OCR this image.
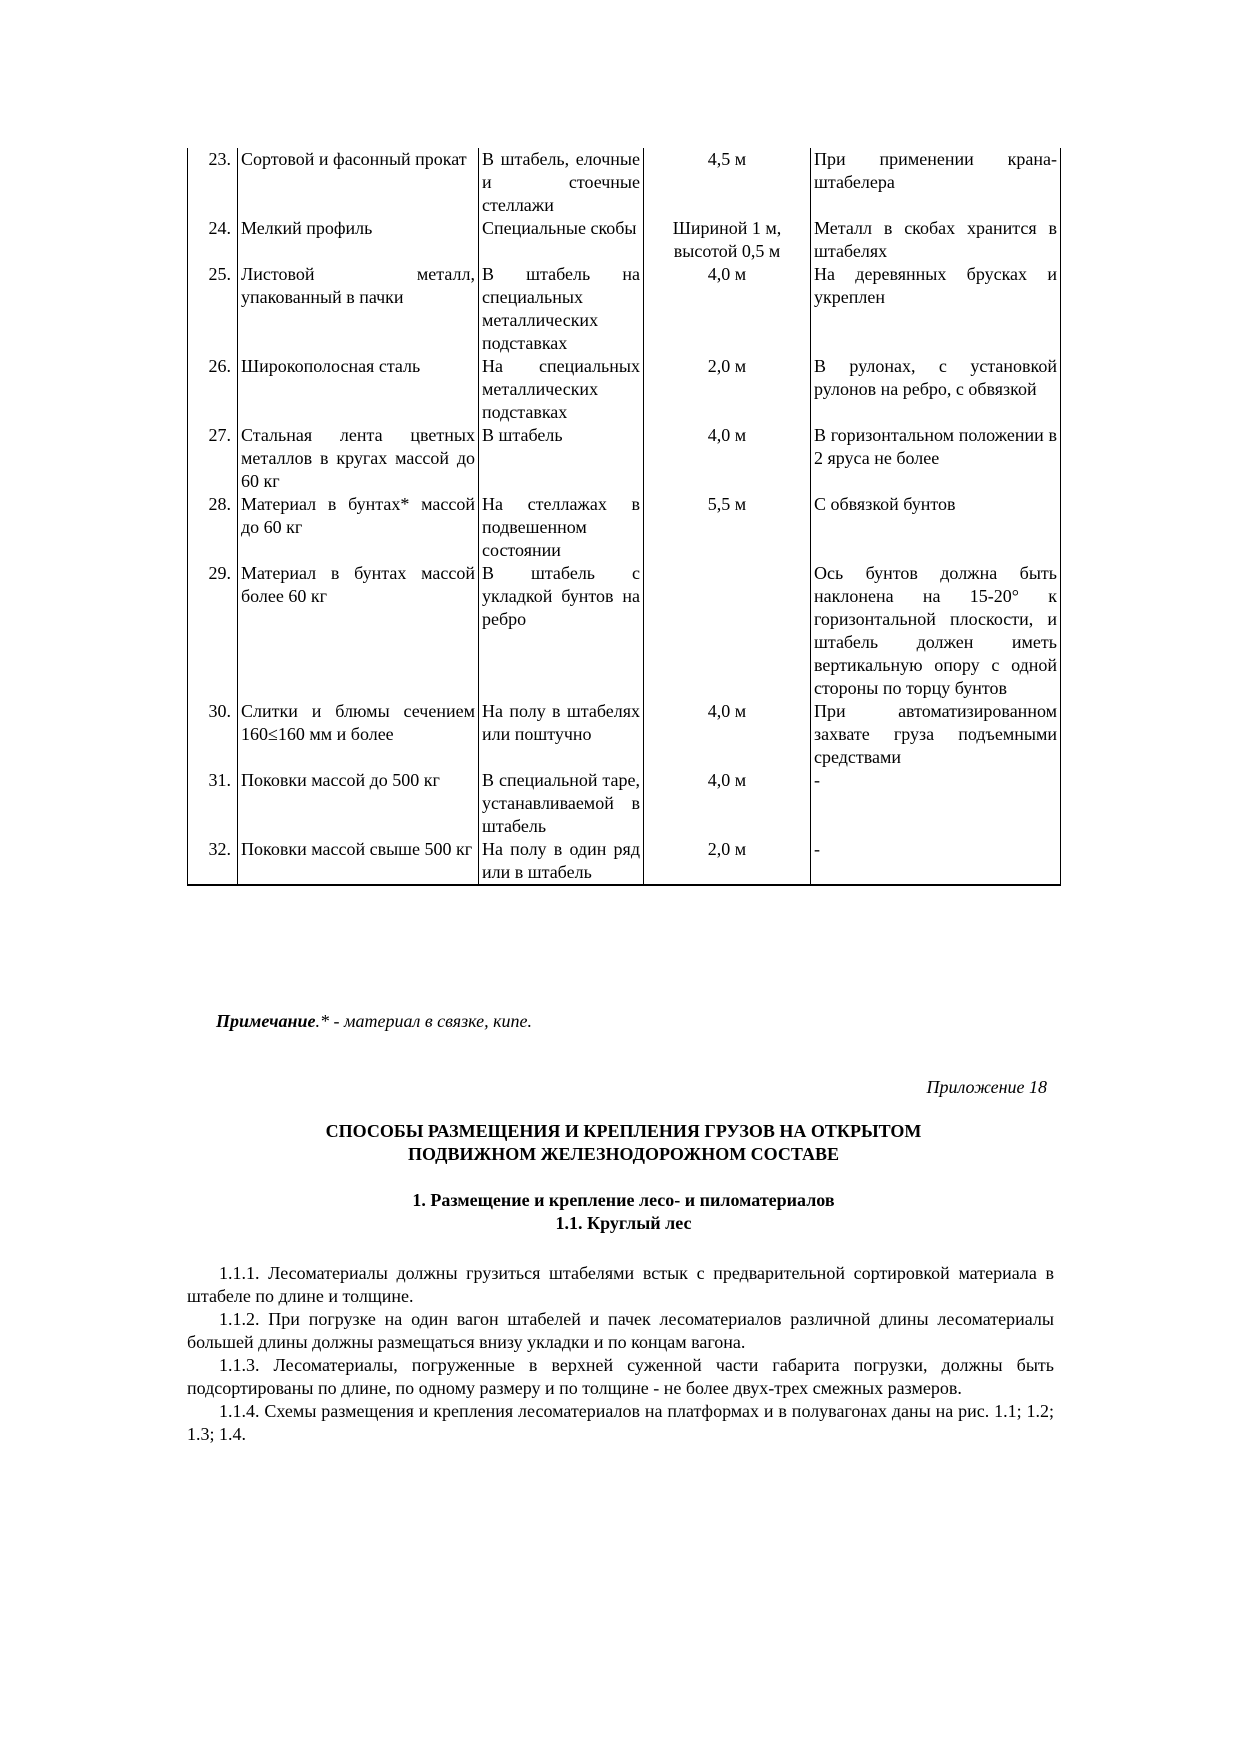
23.	Сортовой и фасонный прокат	В штабель, елочные и стоечные стеллажи	4,5 м	При применении крана-штабелера
24.	Мелкий профиль	Специальные скобы	Шириной 1 м, высотой 0,5 м	Металл в скобах хранится в штабелях
25.	Листовой металл, упакованный в пачки	В штабель на специальных металлических подставках	4,0 м	На деревянных брусках и укреплен
26.	Широкополосная сталь	На специальных металлических подставках	2,0 м	В рулонах, с установкой рулонов на ребро, с обвязкой
27.	Стальная лента цветных металлов в кругах массой до 60 кг	В штабель	4,0 м	В горизонтальном положении в 2 яруса не более
28.	Материал в бунтах* массой до 60 кг	На стеллажах в подвешенном состоянии	5,5 м	С обвязкой бунтов
29.	Материал в бунтах массой более 60 кг	В штабель с укладкой бунтов на ребро		Ось бунтов должна быть наклонена на 15-20° к горизонтальной плоскости, и штабель должен иметь вертикальную опору с одной стороны по торцу бунтов
30.	Слитки и блюмы сечением 160≤160 мм и более	На полу в штабелях или поштучно	4,0 м	При автоматизированном захвате груза подъемными средствами
31.	Поковки массой до 500 кг	В специальной таре, устанавливаемой в штабель	4,0 м	-
32.	Поковки массой свыше 500 кг	На полу в один ряд или в штабель	2,0 м	-
Примечание.* - материал в связке, кипе.
Приложение 18
СПОСОБЫ РАЗМЕЩЕНИЯ И КРЕПЛЕНИЯ ГРУЗОВ НА ОТКРЫТОМ
ПОДВИЖНОМ ЖЕЛЕЗНОДОРОЖНОМ СОСТАВЕ
1. Размещение и крепление лесо- и пиломатериалов
1.1. Круглый лес

1.1.1. Лесоматериалы должны грузиться штабелями встык с предварительной сортировкой материала в штабеле по длине и толщине.

1.1.2. При погрузке на один вагон штабелей и пачек лесоматериалов различной длины лесоматериалы большей длины должны размещаться внизу укладки и по концам вагона.

1.1.3. Лесоматериалы, погруженные в верхней суженной части габарита погрузки, должны быть подсортированы по длине, по одному размеру и по толщине - не более двух-трех смежных размеров.

1.1.4. Схемы размещения и крепления лесоматериалов на платформах и в полувагонах даны на рис. 1.1; 1.2; 1.3; 1.4.
